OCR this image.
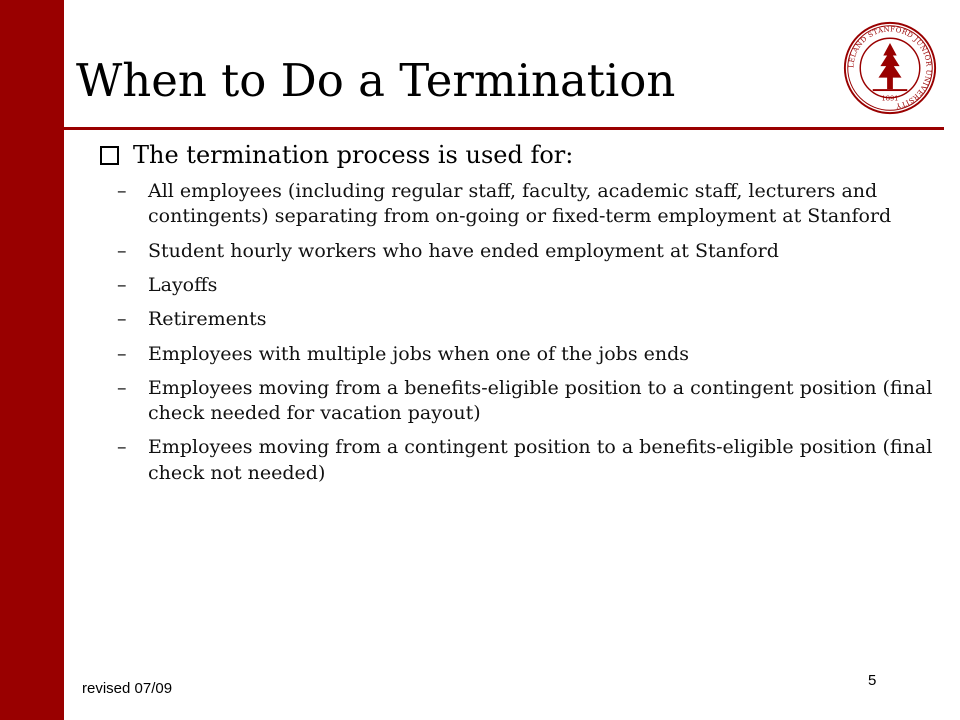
When to Do a Termination	LELAND STANFORD JUNIOR UNIVERSITY
1891
The termination process is used for:
–	All employees (including regular staff, faculty, academic staff, lecturers and contingents) separating from on-going or fixed-term employment at Stanford
–	Student hourly workers who have ended employment at Stanford
–	Layoffs
–	Retirements
–	Employees with multiple jobs when one of the jobs ends
–	Employees moving from a benefits-eligible position to a contingent position (final check needed for vacation payout)
–	Employees moving from a contingent position to a benefits-eligible position (final check not needed)
revised 07/09	5
